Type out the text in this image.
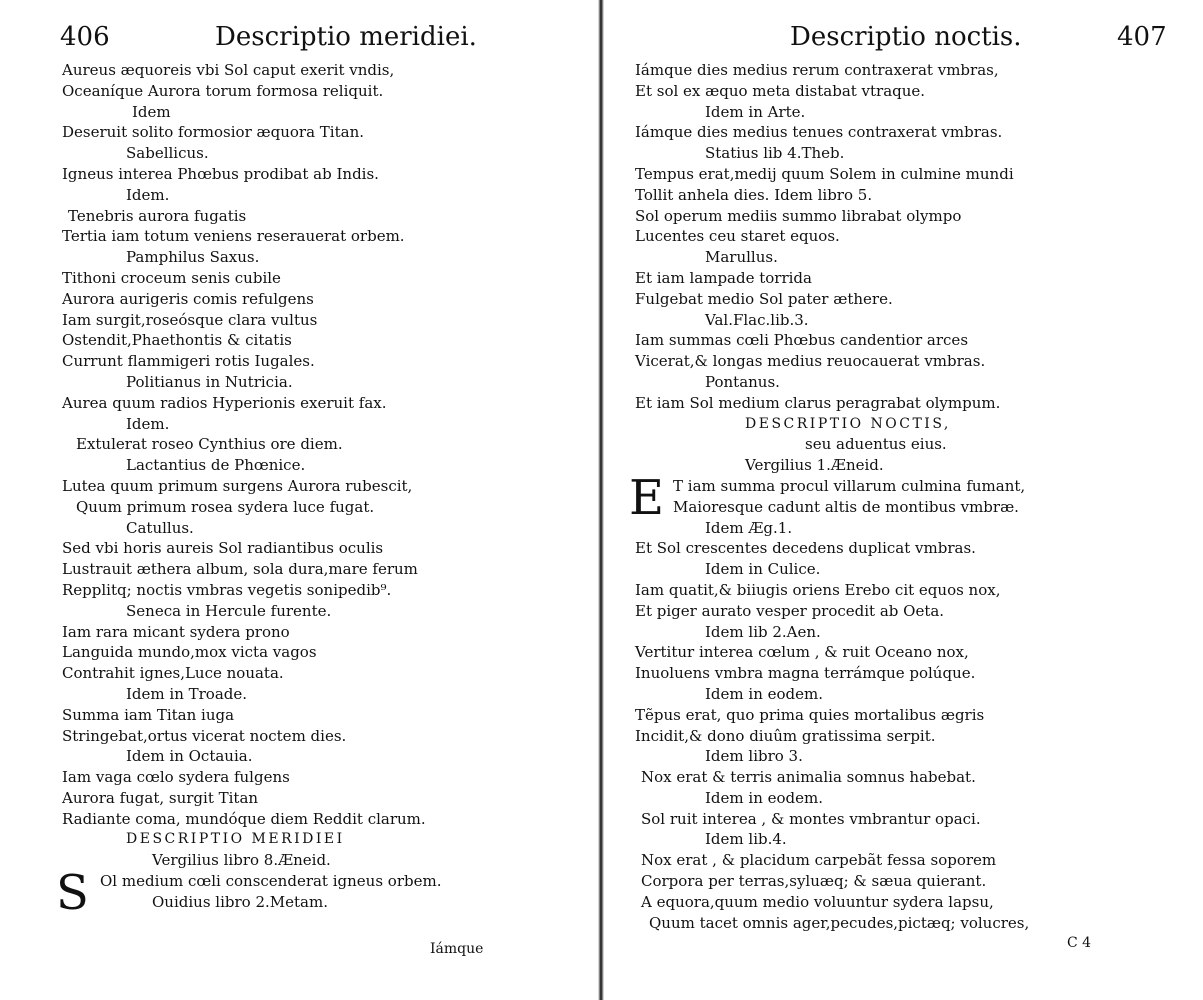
406	Descriptio meridiei.
Aureus æquoreis vbi Sol caput exerit vndis,
Oceaníque Aurora torum formosa reliquit.
Idem
Deseruit solito formosior æquora Titan.
Sabellicus.
Igneus interea Phœbus prodibat ab Indis.
Idem.
Tenebris aurora fugatis
Tertia iam totum veniens reserauerat orbem.
Pamphilus Saxus.
Tithoni croceum senis cubile
Aurora aurigeris comis refulgens
Iam surgit,roseósque clara vultus
Ostendit,Phaethontis & citatis
Currunt flammigeri rotis Iugales.
Politianus in Nutricia.
Aurea quum radios Hyperionis exeruit fax.
Idem.
Extulerat roseo Cynthius ore diem.
Lactantius de Phœnice.
Lutea quum primum surgens Aurora rubescit,
Quum primum rosea sydera luce fugat.
Catullus.
Sed vbi horis aureis Sol radiantibus oculis
Lustrauit æthera album, sola dura,mare ferum
Repplitq; noctis vmbras vegetis sonipedib⁹.
Seneca in Hercule furente.
Iam rara micant sydera prono
Languida mundo,mox victa vagos
Contrahit ignes,Luce nouata.
Idem in Troade.
Summa iam Titan iuga
Stringebat,ortus vicerat noctem dies.
Idem in Octauia.
Iam vaga cœlo sydera fulgens
Aurora fugat, surgit Titan
Radiante coma, mundóque diem Reddit clarum.
DESCRIPTIO MERIDIEI
Vergilius libro 8.Æneid.
S Ol medium cœli conscenderat igneus orbem.
Ouidius libro 2.Metam.
Iámque
Descriptio noctis.	407
Iámque dies medius rerum contraxerat vmbras,
Et sol ex æquo meta distabat vtraque.
Idem in Arte.
Iámque dies medius tenues contraxerat vmbras.
Statius lib 4.Theb.
Tempus erat,medij quum Solem in culmine mundi
Tollit anhela dies. Idem libro 5.
Sol operum mediis summo librabat olympo
Lucentes ceu staret equos.
Marullus.
Et iam lampade torrida
Fulgebat medio Sol pater æthere.
Val.Flac.lib.3.
Iam summas cœli Phœbus candentior arces
Vicerat,& longas medius reuocauerat vmbras.
Pontanus.
Et iam Sol medium clarus peragrabat olympum.
DESCRIPTIO NOCTIS,
seu aduentus eius.
Vergilius 1.Æneid.
E T iam summa procul villarum culmina fumant,
Maioresque cadunt altis de montibus vmbræ.
Idem Æg.1.
Et Sol crescentes decedens duplicat vmbras.
Idem in Culice.
Iam quatit,& biiugis oriens Erebo cit equos nox,
Et piger aurato vesper procedit ab Oeta.
Idem lib 2.Aen.
Vertitur interea cœlum , & ruit Oceano nox,
Inuoluens vmbra magna terrámque polúque.
Idem in eodem.
Tẽpus erat, quo prima quies mortalibus ægris
Incidit,& dono diuûm gratissima serpit.
Idem libro 3.
Nox erat & terris animalia somnus habebat.
Idem in eodem.
Sol ruit interea , & montes vmbrantur opaci.
Idem lib.4.
Nox erat , & placidum carpebãt fessa soporem
Corpora per terras,syluæq; & sæua quierant.
A equora,quum medio voluuntur sydera lapsu,
Quum tacet omnis ager,pecudes,pictæq; volucres,
C 4
